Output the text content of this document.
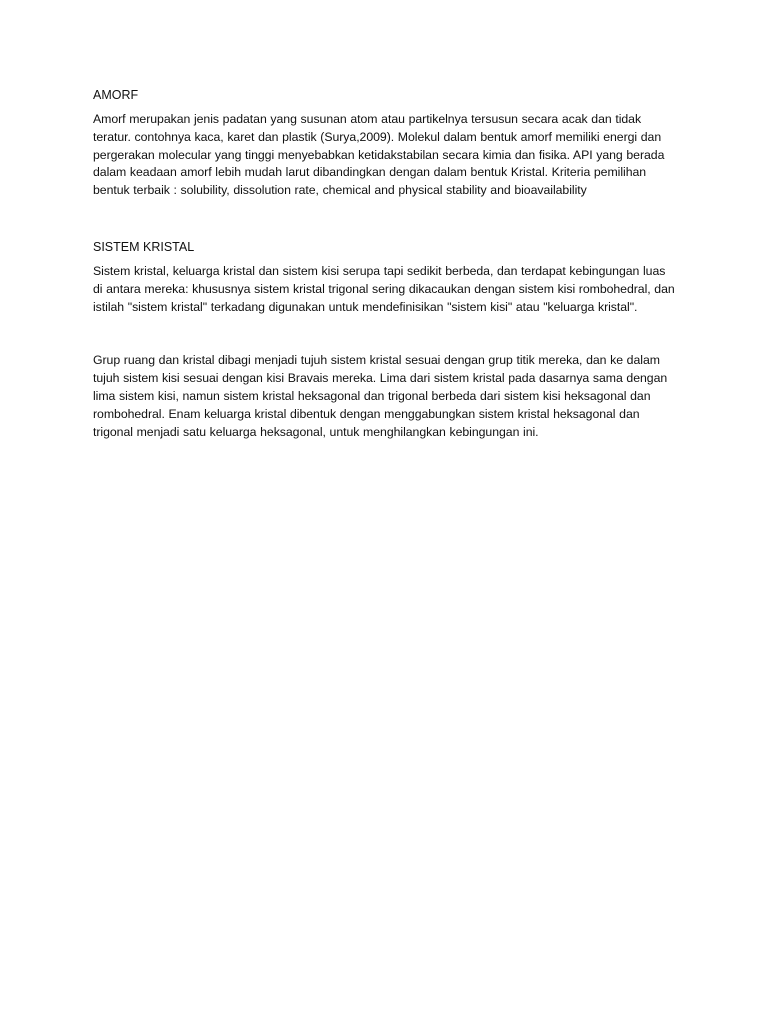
AMORF

Amorf merupakan jenis padatan yang susunan atom atau partikelnya tersusun secara acak dan tidak teratur. contohnya kaca, karet dan plastik (Surya,2009). Molekul dalam bentuk amorf memiliki energi dan pergerakan molecular yang tinggi menyebabkan ketidakstabilan secara kimia dan fisika. API yang berada dalam keadaan amorf lebih mudah larut dibandingkan dengan dalam bentuk Kristal. Kriteria pemilihan bentuk terbaik : solubility, dissolution rate, chemical and physical stability and bioavailability

SISTEM KRISTAL

Sistem kristal, keluarga kristal dan sistem kisi serupa tapi sedikit berbeda, dan terdapat kebingungan luas di antara mereka: khususnya sistem kristal trigonal sering dikacaukan dengan sistem kisi rombohedral, dan istilah "sistem kristal" terkadang digunakan untuk mendefinisikan "sistem kisi" atau "keluarga kristal".

Grup ruang dan kristal dibagi menjadi tujuh sistem kristal sesuai dengan grup titik mereka, dan ke dalam tujuh sistem kisi sesuai dengan kisi Bravais mereka. Lima dari sistem kristal pada dasarnya sama dengan lima sistem kisi, namun sistem kristal heksagonal dan trigonal berbeda dari sistem kisi heksagonal dan rombohedral. Enam keluarga kristal dibentuk dengan menggabungkan sistem kristal heksagonal dan trigonal menjadi satu keluarga heksagonal, untuk menghilangkan kebingungan ini.
